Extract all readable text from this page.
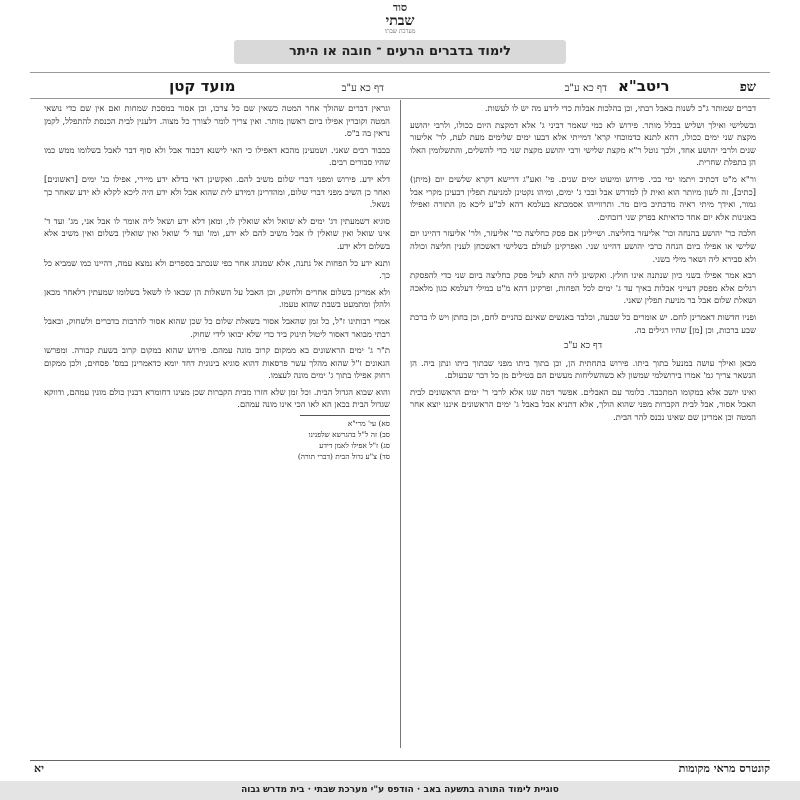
סוד
שבתי
מערכת שבתי
לימוד בדברים הרעים ־ חובה או היתר
שפ  ריטב"א דף כא ע"ב
דף כא ע"ב  מועד קטן

דברים שמותר ג"כ לשנות באבל רבתי, וכן בהלכות אבלות כדי לידע מה יש לו לעשות.

ובשלישי ואילך ושליש בכלל מותר. פירוש לא כמי שאמר דביני ג' אלא דמקצת היום ככולו, ולרבי יהושע מקצת שני ימים ככולו, דהא לתנא כדמוכחי קרא' דמייתי אלא דבעו ימים שלימים מעת לעת, לר' אליעזר שנים ולרבי יהושע אחד, ולכך נוטל ר"א מקצת שלישי ורבי יהושע מקצת שני כדי להשלים, והתשלומין האלו הן בתפלת שחרית.

ור"א מ"ט דכתיב ויתמו ימי בכי. פירוש ומיעוט ימים שנים. פי' ואע"ג דרישא דקרא שלשים יום (מיתן) [כתיב], זה לשון מיותר הוא ואית לן למדרש אבל ובכי ג' ימים, ומיהו נקטינן למניעת תפלין דבעינן מקרי אבל גמור, ואידך מיתי ראיה מדכתיב ביום מר. ותרווייהו אסמכתא בעלמא דהא לכ"ע ליכא מן התורה ואפילו באנינות אלא יום אחד כדאיתא בפרק שני דזבחים.

חלבה כר' יהושע בהנחה וכר' אליעזר בחליצה. ושיילינן אם פסק כחליצה כר' אליעזר, ולר' אליעזר דהיינו יום שלישי או אפילו ביום הנחה כרבי יהושע דהיינו שני. ואפרקינן לעולם בשלישי דאשכחן לענין חליצה וכולה ולא סבירא ליה ושאר מילי בשני.

רבא אמר אפילו בשני כיון שנתנה אינו חולץ. ואקשינן ליה התא לעיל פסק כחליצה ביום שני כדי להפסקת רגלים אלא מפסק דעייני אבלות באיך עד ג' ימים לכל הפחות, ופרקינן דהא מ"ט במילי דעלמא כגון מלאכה ושאלת שלום אבל בר מניעת תפלין שאני.

ופניו חדשות דאמרינן לחם. יש אומרים כל שבעה, וכלבד באנשים שאינם כהניים לחם, וכן בחתן ויש לו ברכת שבע ברכות, וכן [מן] שהיו רגילים בה.

דף כא ע"ב

מבאן ואילך עושה במנעל בתוך ביתו. פירוש בתחתית הן, וכן בתוך ביתו מפני שבתוך ביתו ונתן ביה. הן הנשאר צריך גמ' אמרו בירושלמי שמשון לא כשהשליחות מעשים הם בטילים מן כל דבר שבעולם.

ואינו יושב אלא במקומו המתכבד. כלומר עם האבלים. אפשר דמה שגו אלא לרבי ר' ימים הראשונים לבית האבל אסור, אבל לבית הקברות מפני שהוא הולך, אלא דתניא אבל באבל ג' ימים הראשונים איננו יוצא אחר המטה וכן אמרינן שם שאינו נכנס להר הבית.

וגראין דברים שהולך אחר המטה כשאין שם כל צרכו, וכן אסור במסכת שמחות ואם אין שם כדי נושאי המטה וקוברין אפילו ביום ראשון מותר. ואין צריך לומר לצורך כל מצוה. דלענין לבית הכנסת להתפלל, לקמן נראין בה ב"ס.

בכבוד רבים שאני. ושמעינן מהכא דאפילו כי האי לישנא דכבוד אבל ולא סוף דבר לאבל בשלומו ממש כמו שהיו סבורים רבים.

דלא ידע. פירוש ומפני דברי שלום משיב להם. ואקשינן דאי בדלא ידע מיירי, אפילו בג' ימים [ראשונים] ואחר כן השיב מפני דברי שלום, ומהדרינן דמידע לית שהוא אבל ולא ידע היה ליכא לקלא לא ידע שאחר כך נשאל.

סוגיא דשמעתין דג' ימים לא שואל ולא שואלין לו, ומאן דלא ידע ושאל ליה אומר לו אבל אני, מג' ועד ד' אינו שואל ואין שואלין לו אבל משיב להם לא ידע, ומז' ועד ל' שואל ואין שואלין בשלום ואין משיב אלא בשלום דלא ידע.

ותנא ידע כל הפחות אל נתנה, אלא שמנהג אחר כפי שנכתב בספרים ולא נמצא עמה, דהיינו כמו שמביא כל כך.

ולא אמרינן בשלום אחרים ולחשק, וכן האבל על השאלות הן שבאו לו לשאל בשלומו שמעתין דלאחר מכאן ולהלן ומתמעט בשבת שהוא טעמו.

אמרי רבותינו ז"ל, כל זמן שהאבל אסור בשאלת שלום כל שכן שהוא אסור להרבות בדברים ולשחוק, ובאבל רבתי מבואר דאסור ליטול תינוק ביד כדי שלא יבואו לידי שחוק.

ת"ר ג' ימים הראשונים בא ממקום קרוב מונה עמהם. פירוש שהוא במקום קרוב בשעת קבורה. ומפרשו הגאונים ז"ל שהוא מהלך עשר פרסאות דהוא סוגיא בינונית דחד יומא כדאמרינן במס' פסחים, ולכן ממקום רחוק אפילו בתוך ג' ימים מונה לעצמו.

והוא שבוא הגדול הבית. וכל זמן שלא חזרו מבית הקברות שכן מצינו דחומרא דבנין כולם מונין עמהם, ודווקא שגדול הבית בכאן הא לאו הכי אינו מונה עמהם.

סא) עי' מרי"א
סב) זה ל"ל בהגרשא שלפנינו
סג) ז"ל אפילו לאמן דידע
סד) צ"ע גדול הבית (דברי תורה)
יא	קונטרס מראי מקומות
סוגיית לימוד התורה בתשעה באב · הודפס ע"י מערכת שבתי · בית מדרש גבוה
